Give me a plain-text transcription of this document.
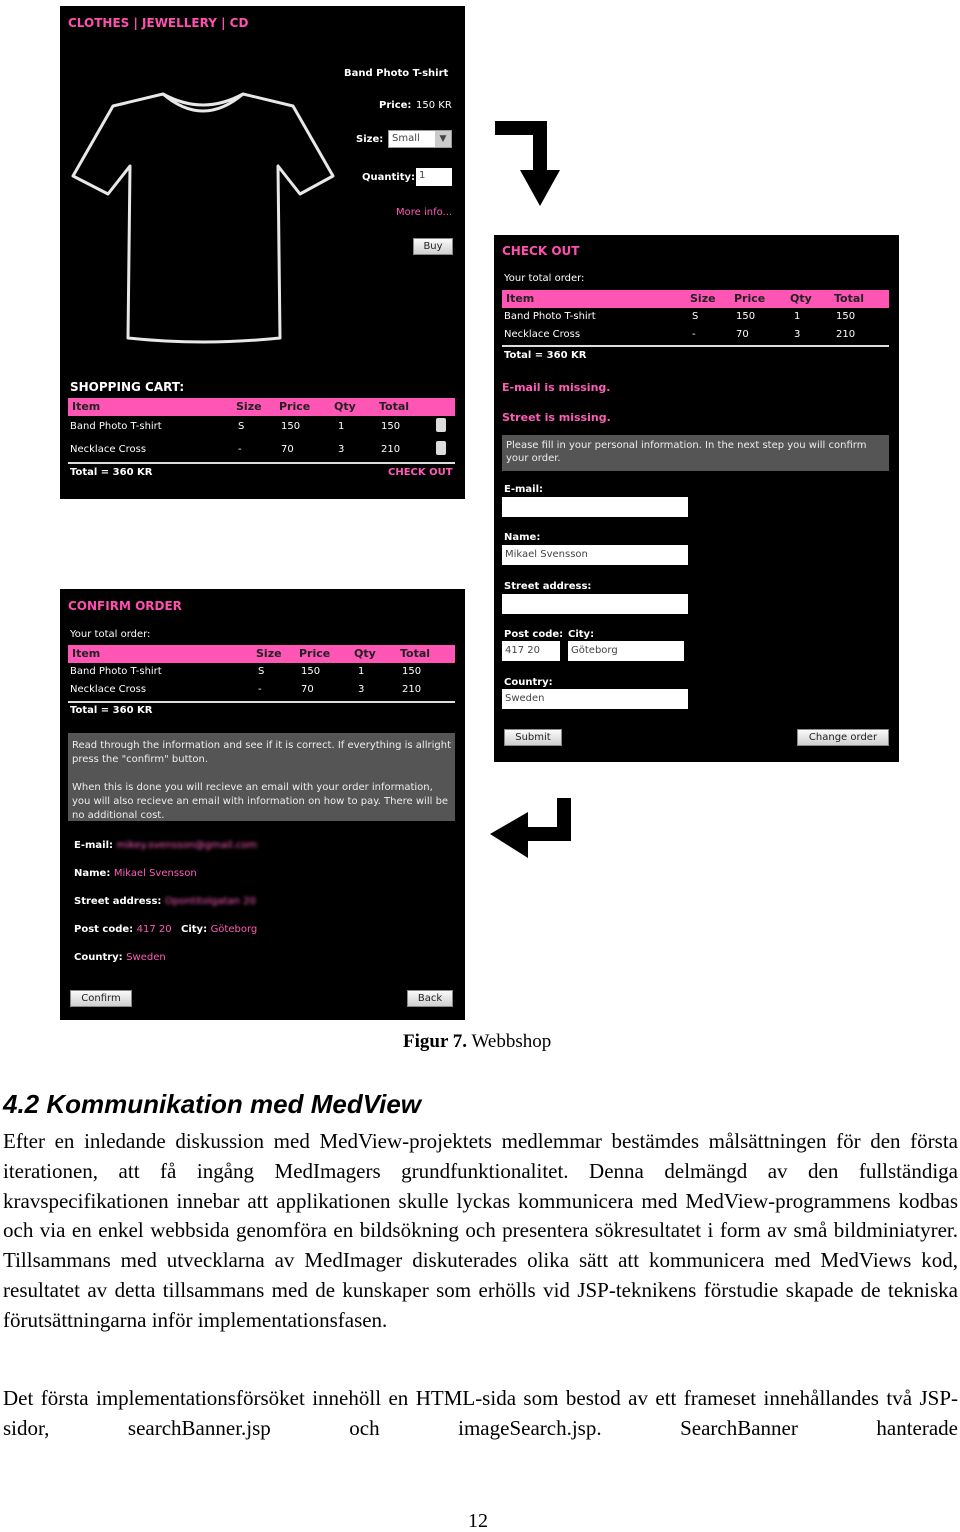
CLOTHES | JEWELLERY | CD
Band Photo T-shirt
Price: 150 KR
Size: Small	▼
Quantity: 1
More info...
Buy
SHOPPING CART:
Item	Size Price Qty Total
Band Photo T-shirt	S	150	1	150
Necklace Cross	-	70	3	210
Total = 360 KR	CHECK OUT
CHECK OUT
Your total order:
Item	Size Price Qty Total
Band Photo T-shirt	S	150	1	150
Necklace Cross	-	70	3	210
Total = 360 KR
E-mail is missing.
Street is missing.
Please fill in your personal information. In the next step you will confirm your order.
E-mail:
Name:
Mikael Svensson
Street address:
Post code: City:
417 20	Göteborg
Country:
Sweden
Submit	Change order
CONFIRM ORDER
Your total order:
Item	Size Price Qty Total
Band Photo T-shirt	S	150	1	150
Necklace Cross	-	70	3	210
Total = 360 KR
Read through the information and see if it is correct. If everything is allright press the "confirm" button.
When this is done you will recieve an email with your order information, you will also recieve an email with information on how to pay. There will be no additional cost.
E-mail: mikey.svensson@gmail.com
Name: Mikael Svensson
Street address: Opontitolgatan 20
Post code: 417 20 City: Göteborg
Country: Sweden
Confirm	Back
Figur 7. Webbshop
4.2 Kommunikation med MedView

Efter en inledande diskussion med MedView-projektets medlemmar bestämdes målsättningen för den första iterationen, att få ingång MedImagers grundfunktionalitet. Denna delmängd av den fullständiga kravspecifikationen innebar att applikationen skulle lyckas kommunicera med MedView-programmens kodbas och via en enkel webbsida genomföra en bildsökning och presentera sökresultatet i form av små bildminiatyrer. Tillsammans med utvecklarna av MedImager diskuterades olika sätt att kommunicera med MedViews kod, resultatet av detta tillsammans med de kunskaper som erhölls vid JSP-teknikens förstudie skapade de tekniska förutsättningarna inför implementationsfasen.

Det första implementationsförsöket innehöll en HTML-sida som bestod av ett frameset innehållandes två JSP-sidor, searchBanner.jsp och imageSearch.jsp. SearchBanner hanterade

12
